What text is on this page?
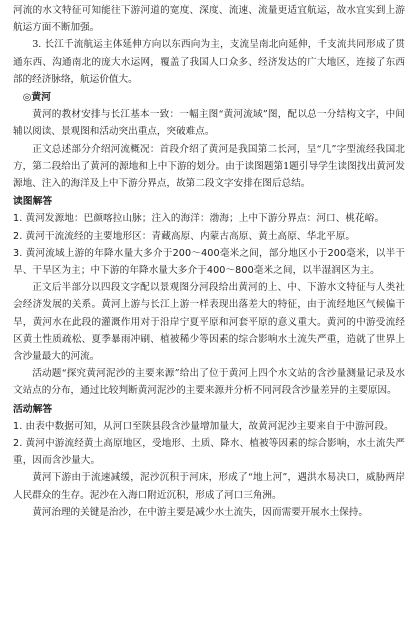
河流的水文特征可知能往下游河道的宽度、深度、流速、流量更适宜航运，故水宜实到上游航运方面不断加强。

3. 长江千流航运主体延伸方向以东西向为主，支流呈南北向延伸，千支流共同形成了贯通东西、沟通南北的庞大水运网，覆盖了我国人口众多、经济发达的广大地区，连接了东西部的经济脉络，航运价值大。

◎黄河

黄河的教材安排与长江基本一致：一幅主图“黄河流域”图，配以总一分结构文字，中间辅以阅读、景观图和活动突出重点，突破难点。

正文总述部分介绍河流概况：首段介绍了黄河是我国第二长河，呈“几”字型流经我国北方，第二段给出了黄河的源地和上中下游的划分。由于读图题第1题引导学生读图找出黄河发源地、注入的海洋及上中下游分界点，故第二段文字安排在图后总结。

读图解答

1. 黄河发源地：巴颜喀拉山脉；注入的海洋：渤海；上中下游分界点：河口、桃花峪。

2. 黄河干流流经的主要地形区：青藏高原、内蒙古高原、黄土高原、华北平原。

3. 黄河流域上游的年降水量大多介于200～400毫米之间，部分地区小于200毫米，以半干旱、干旱区为主；中下游的年降水量大多介于400～800毫米之间，以半湿润区为主。

正文后半部分以四段文字配以景观图分河段给出黄河的上、中、下游水文特征与人类社会经济发展的关系。黄河上游与长江上游一样表现出落差大的特征，由于流经地区气候偏干旱，黄河水在此段的灌溉作用对于沿岸宁夏平原和河套平原的意义重大。黄河的中游受流经区黄土性质疏松、夏季暴雨冲刷、植被稀少等因素的综合影响水土流失严重，造就了世界上含沙量最大的河流。

活动题“探究黄河泥沙的主要来源”给出了位于黄河上四个水文站的含沙量测量记录及水文站点的分布，通过比较判断黄河泥沙的主要来源并分析不同河段含沙量差异的主要原因。

活动解答

1. 由表中数据可知，从河口至陕县段含沙量增加量大，故黄河泥沙主要来自于中游河段。

2. 黄河中游流经黄土高原地区，受地形、土质、降水、植被等因素的综合影响，水土流失严重，因而含沙量大。

黄河下游由于流速减缓，泥沙沉积于河床，形成了“地上河”，遇洪水易决口，威胁两岸人民群众的生存。泥沙在入海口附近沉积，形成了河口三角洲。

黄河治理的关键是治沙，在中游主要是减少水土流失，因而需要开展水土保持。
